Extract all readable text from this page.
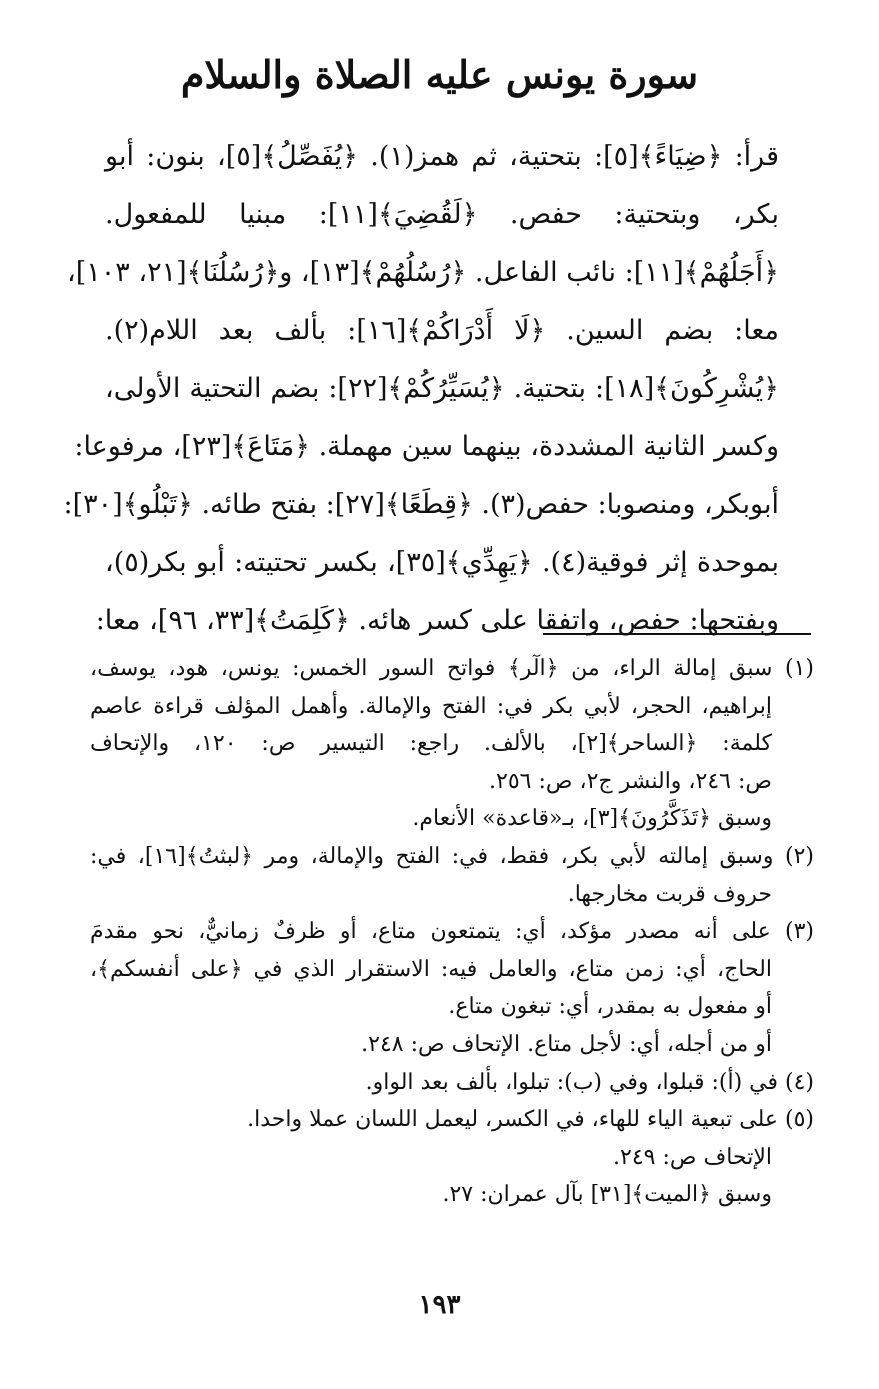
سورة يونس عليه الصلاة والسلام
قرأ: ﴿ضِيَاءً﴾[٥]: بتحتية، ثم همز(١). ﴿يُفَصِّلُ﴾[٥]، بنون: أبو
بكر، وبتحتية: حفص. ﴿لَقُضِيَ﴾[١١]: مبنيا للمفعول.
﴿أَجَلُهُمْ﴾[١١]: نائب الفاعل. ﴿رُسُلُهُمْ﴾[١٣]، و﴿رُسُلُنَا﴾[٢١، ١٠٣]،
معا: بضم السين. ﴿لَا أَدْرَاكُمْ﴾[١٦]: بألف بعد اللام(٢).
﴿يُشْرِكُونَ﴾[١٨]: بتحتية. ﴿يُسَيِّرُكُمْ﴾[٢٢]: بضم التحتية الأولى،
وكسر الثانية المشددة، بينهما سين مهملة. ﴿مَتَاعَ﴾[٢٣]، مرفوعا:
أبوبكر، ومنصوبا: حفص(٣). ﴿قِطَعًا﴾[٢٧]: بفتح طائه. ﴿تَبْلُو﴾[٣٠]:
بموحدة إثر فوقية(٤). ﴿يَهِدِّي﴾[٣٥]، بكسر تحتيته: أبو بكر(٥)،
وبفتحها: حفص، واتفقا على كسر هائه. ﴿كَلِمَتُ﴾[٣٣، ٩٦]، معا:
(١) سبق إمالة الراء، من ﴿الٓر﴾ فواتح السور الخمس: يونس، هود، يوسف،
إبراهيم، الحجر، لأبي بكر في: الفتح والإمالة. وأهمل المؤلف قراءة عاصم
كلمة: ﴿الساحر﴾[٢]، بالألف. راجع: التيسير ص: ١٢٠، والإتحاف
ص: ٢٤٦، والنشر ج٢، ص: ٢٥٦.
وسبق ﴿تَذَكَّرُونَ﴾[٣]، بـ«قاعدة» الأنعام.
(٢) وسبق إمالته لأبي بكر، فقط، في: الفتح والإمالة، ومر ﴿لبثتُ﴾[١٦]، في:
حروف قربت مخارجها.
(٣) على أنه مصدر مؤكد، أي: يتمتعون متاع، أو ظرفٌ زمانيٌّ، نحو مقدمَ
الحاج، أي: زمن متاع، والعامل فيه: الاستقرار الذي في ﴿على أنفسكم﴾،
أو مفعول به بمقدر، أي: تبغون متاع.
أو من أجله، أي: لأجل متاع. الإتحاف ص: ٢٤٨.
(٤) في (أ): قبلوا، وفي (ب): تبلوا، بألف بعد الواو.
(٥) على تبعية الياء للهاء، في الكسر، ليعمل اللسان عملا واحدا.
الإتحاف ص: ٢٤٩.
وسبق ﴿الميت﴾[٣١] بآل عمران: ٢٧.
١٩٣
